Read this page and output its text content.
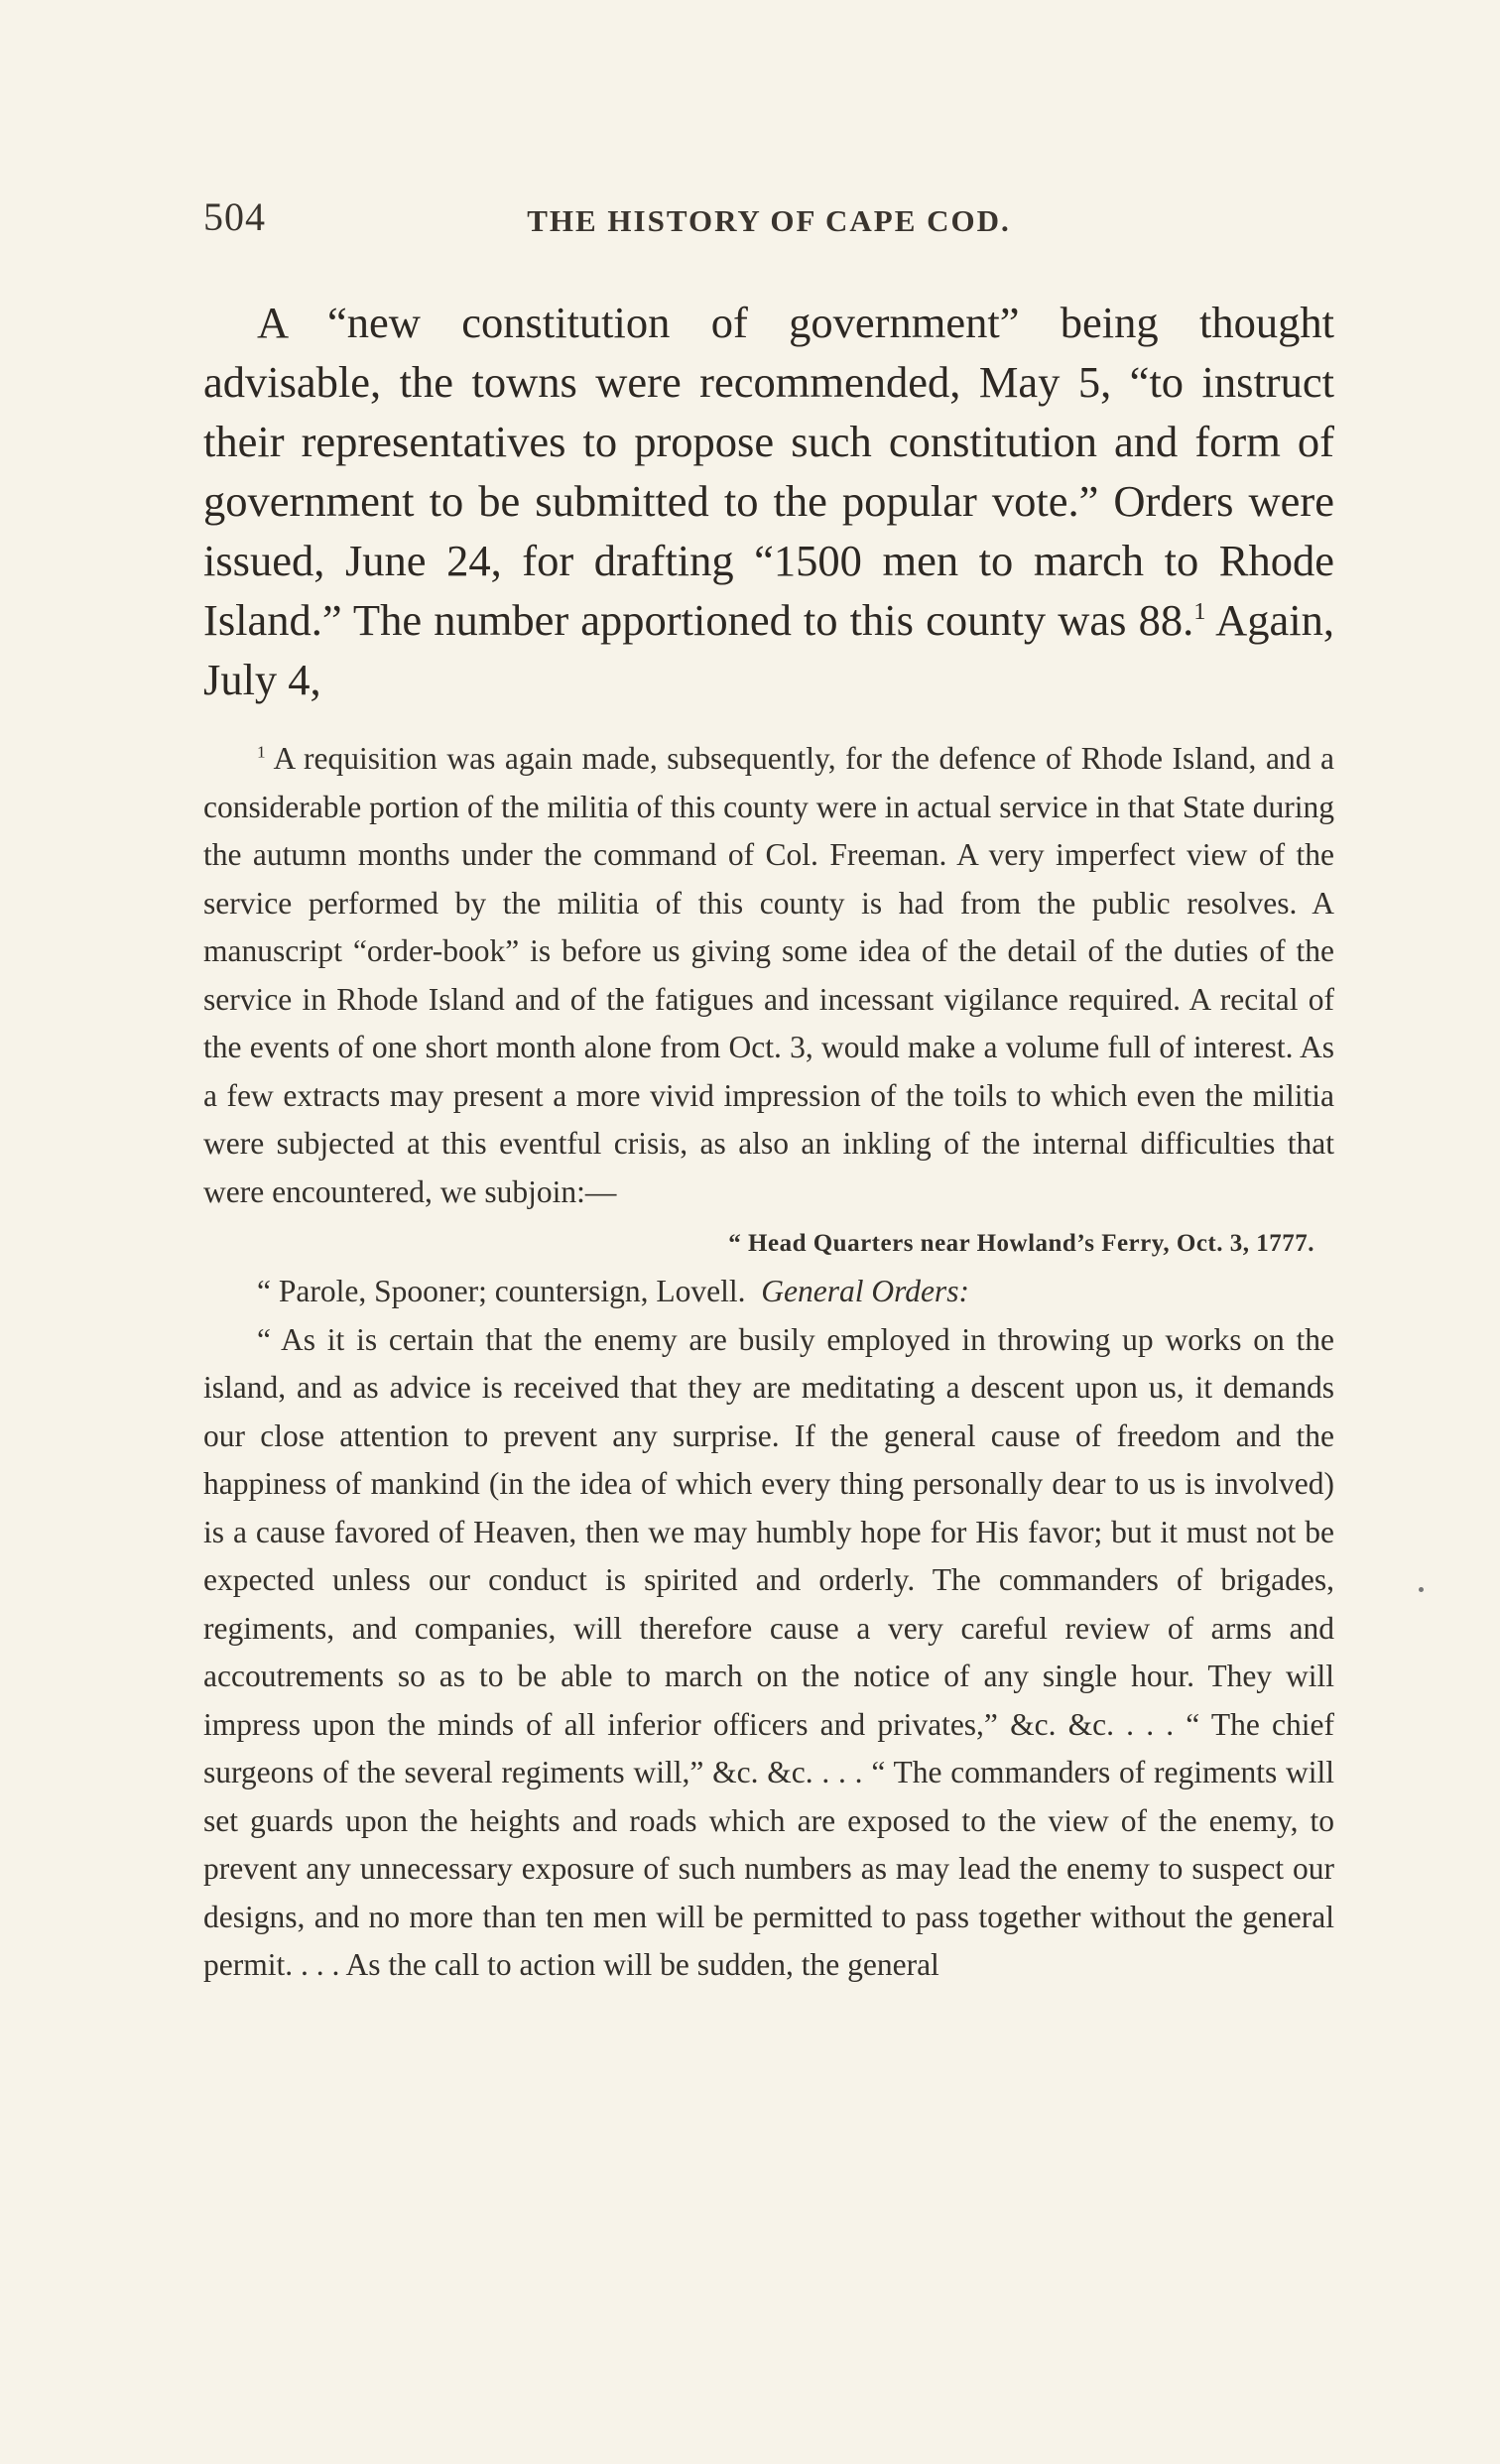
504	THE HISTORY OF CAPE COD.

A “new constitution of government” being thought advisable, the towns were recommended, May 5, “to instruct their representatives to propose such constitution and form of government to be submitted to the popular vote.” Orders were issued, June 24, for drafting “1500 men to march to Rhode Island.” The number apportioned to this county was 88.$^1$ Again, July 4,

$^1$ A requisition was again made, subsequently, for the defence of Rhode Island, and a considerable portion of the militia of this county were in actual service in that State during the autumn months under the command of Col. Freeman. A very imperfect view of the service performed by the militia of this county is had from the public resolves. A manuscript “order-book” is before us giving some idea of the detail of the duties of the service in Rhode Island and of the fatigues and incessant vigilance required. A recital of the events of one short month alone from Oct. 3, would make a volume full of interest. As a few extracts may present a more vivid impression of the toils to which even the militia were subjected at this eventful crisis, as also an inkling of the internal difficulties that were encountered, we subjoin:—

“ Head Quarters near Howland’s Ferry, Oct. 3, 1777.

“ Parole, Spooner; countersign, Lovell. General Orders:

“ As it is certain that the enemy are busily employed in throwing up works on the island, and as advice is received that they are meditating a descent upon us, it demands our close attention to prevent any surprise. If the general cause of freedom and the happiness of mankind (in the idea of which every thing personally dear to us is involved) is a cause favored of Heaven, then we may humbly hope for His favor; but it must not be expected unless our conduct is spirited and orderly. The commanders of brigades, regiments, and companies, will therefore cause a very careful review of arms and accoutrements so as to be able to march on the notice of any single hour. They will impress upon the minds of all inferior officers and privates,” &c. &c. . . . “ The chief surgeons of the several regiments will,” &c. &c. . . . “ The commanders of regiments will set guards upon the heights and roads which are exposed to the view of the enemy, to prevent any unnecessary exposure of such numbers as may lead the enemy to suspect our designs, and no more than ten men will be permitted to pass together without the general permit. . . . As the call to action will be sudden, the general
